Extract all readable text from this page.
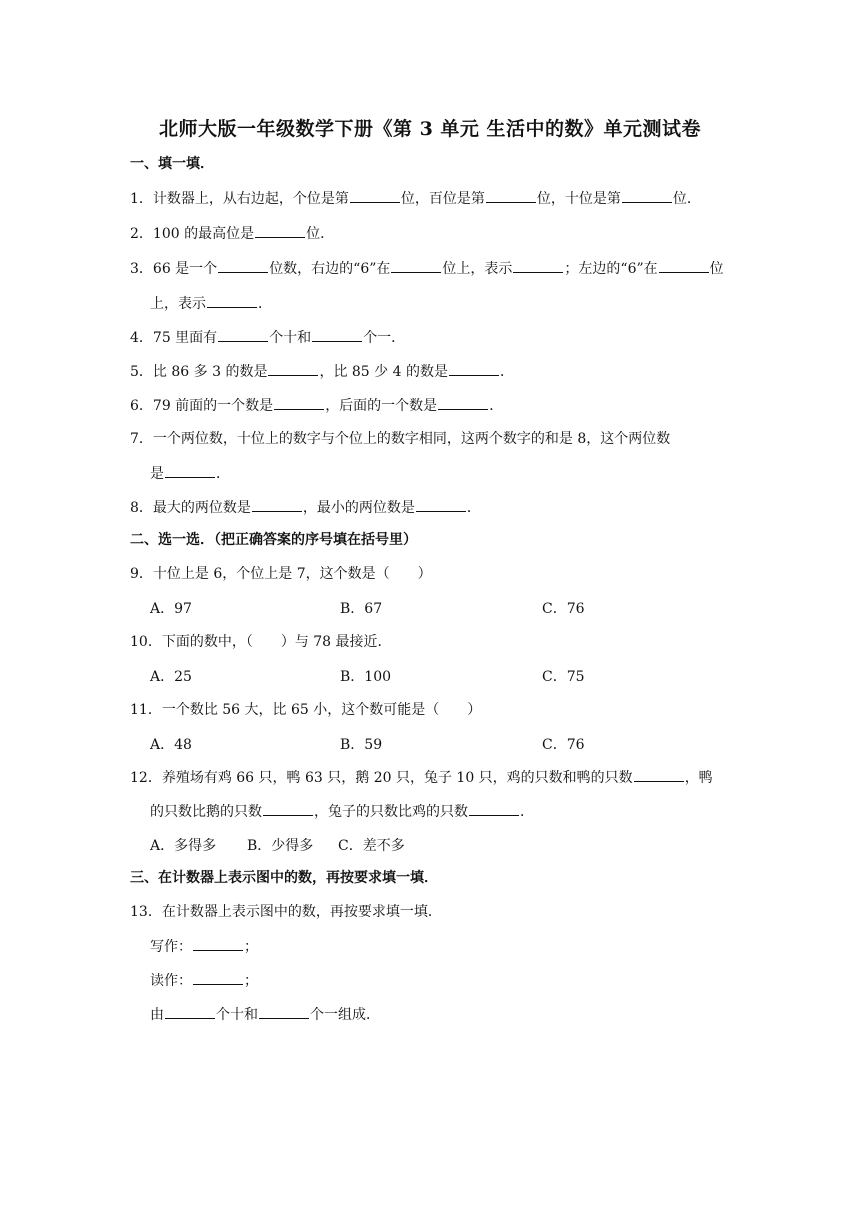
北师大版一年级数学下册《第 3 单元 生活中的数》单元测试卷
一、填一填．
1．计数器上，从右边起，个位是第	位，百位是第	位，十位是第	位．
2．100 的最高位是	位．
3．66 是一个	位数，右边的“6”在	位上，表示	；左边的“6”在	位
上，表示	．
4．75 里面有	个十和	个一．
5．比 86 多 3 的数是	，比 85 少 4 的数是	．
6．79 前面的一个数是	，后面的一个数是	．
7．一个两位数，十位上的数字与个位上的数字相同，这两个数字的和是 8，这个两位数
是	．
8．最大的两位数是	，最小的两位数是	．
二、选一选．（把正确答案的序号填在括号里）
9．十位上是 6，个位上是 7，这个数是（ ）
A．97	B．67	C．76
10．下面的数中，（ ）与 78 最接近．
A．25	B．100	C．75
11．一个数比 56 大，比 65 小，这个数可能是（ ）
A．48	B．59	C．76
12．养殖场有鸡 66 只，鸭 63 只，鹅 20 只，兔子 10 只，鸡的只数和鸭的只数	，鸭
的只数比鹅的只数	，兔子的只数比鸡的只数	．
A．多得多 B．少得多 C．差不多
三、在计数器上表示图中的数，再按要求填一填．
13．在计数器上表示图中的数，再按要求填一填．
写作：	；
读作：	；
由	个十和	个一组成．
